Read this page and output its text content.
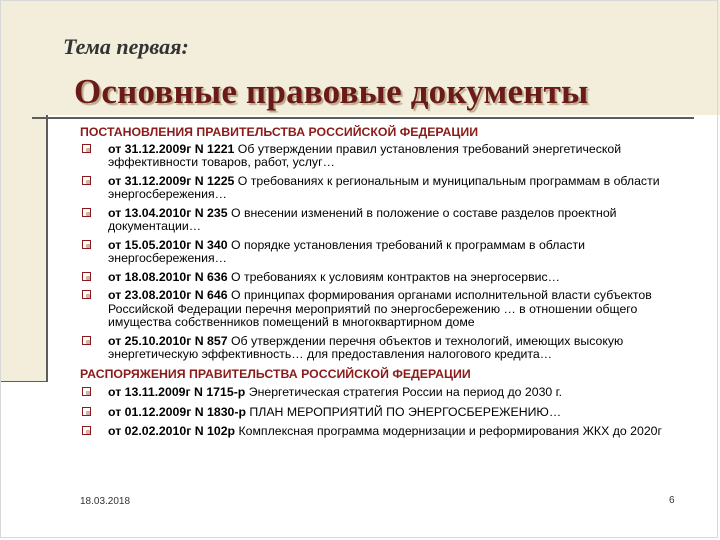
Тема первая:
Основные правовые документы
ПОСТАНОВЛЕНИЯ ПРАВИТЕЛЬСТВА РОССИЙСКОЙ ФЕДЕРАЦИИ
от 31.12.2009г N 1221 Об утверждении правил установления требований энергетической эффективности товаров, работ, услуг…
от 31.12.2009г N 1225 О требованиях к региональным и муниципальным программам в области энергосбережения…
от 13.04.2010г N 235 О внесении изменений в положение о составе разделов проектной документации…
от 15.05.2010г N 340 О порядке установления требований к программам в области энергосбережения…
от 18.08.2010г N 636 О требованиях к условиям контрактов на энергосервис…
от 23.08.2010г N 646 О принципах формирования органами исполнительной власти субъектов Российской Федерации перечня мероприятий по энергосбережению … в отношении общего имущества собственников помещений в многоквартирном доме
от 25.10.2010г N 857 Об утверждении перечня объектов и технологий, имеющих высокую энергетическую эффективность… для предоставления налогового кредита…
РАСПОРЯЖЕНИЯ ПРАВИТЕЛЬСТВА РОССИЙСКОЙ ФЕДЕРАЦИИ
от 13.11.2009г N 1715-р Энергетическая стратегия России на период до 2030 г.
от 01.12.2009г N 1830-р ПЛАН МЕРОПРИЯТИЙ ПО ЭНЕРГОСБЕРЕЖЕНИЮ…
от 02.02.2010г N 102р Комплексная программа модернизации и реформирования ЖКХ до 2020г
18.03.2018	6
